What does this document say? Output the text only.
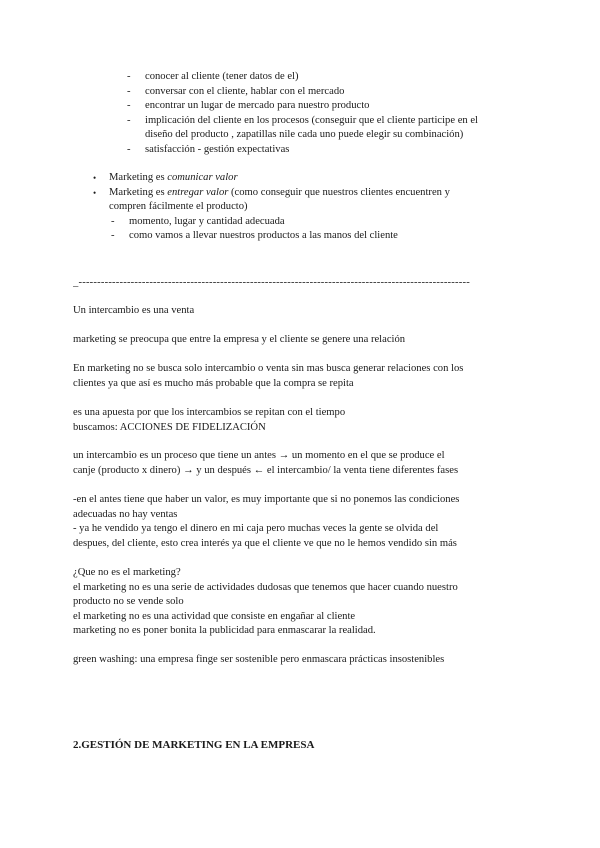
- conocer al cliente (tener datos de el)
- conversar con el cliente, hablar con el mercado
- encontrar un lugar de mercado para nuestro producto
- implicación del cliente en los procesos (conseguir que el cliente participe en el
diseño del producto , zapatillas nile cada uno puede elegir su combinación)
- satisfacción - gestión expectativas
• Marketing es comunicar valor
• Marketing es entregar valor (como conseguir que nuestros clientes encuentren y
compren fácilmente el producto)
- momento, lugar y cantidad adecuada
- como vamos a llevar nuestros productos a las manos del cliente
_---------------------------------------------------------------------------------------------------------
Un intercambio es una venta
marketing se preocupa que entre la empresa y el cliente se genere una relación
En marketing no se busca solo intercambio o venta sin mas busca generar relaciones con los
clientes ya que así es mucho más probable que la compra se repita
es una apuesta por que los intercambios se repitan con el tiempo
buscamos: ACCIONES DE FIDELIZACIÓN
un intercambio es un proceso que tiene un antes → un momento en el que se produce el
canje (producto x dinero) → y un después ← el intercambio/ la venta tiene diferentes fases
-en el antes tiene que haber un valor, es muy importante que si no ponemos las condiciones
adecuadas no hay ventas
- ya he vendido ya tengo el dinero en mi caja pero muchas veces la gente se olvida del
despues, del cliente, esto crea interés ya que el cliente ve que no le hemos vendido sin más
¿Que no es el marketing?
el marketing no es una serie de actividades dudosas que tenemos que hacer cuando nuestro
producto no se vende solo
el marketing no es una actividad que consiste en engañar al cliente
marketing no es poner bonita la publicidad para enmascarar la realidad.
green washing: una empresa finge ser sostenible pero enmascara prácticas insostenibles
2.GESTIÓN DE MARKETING EN LA EMPRESA
